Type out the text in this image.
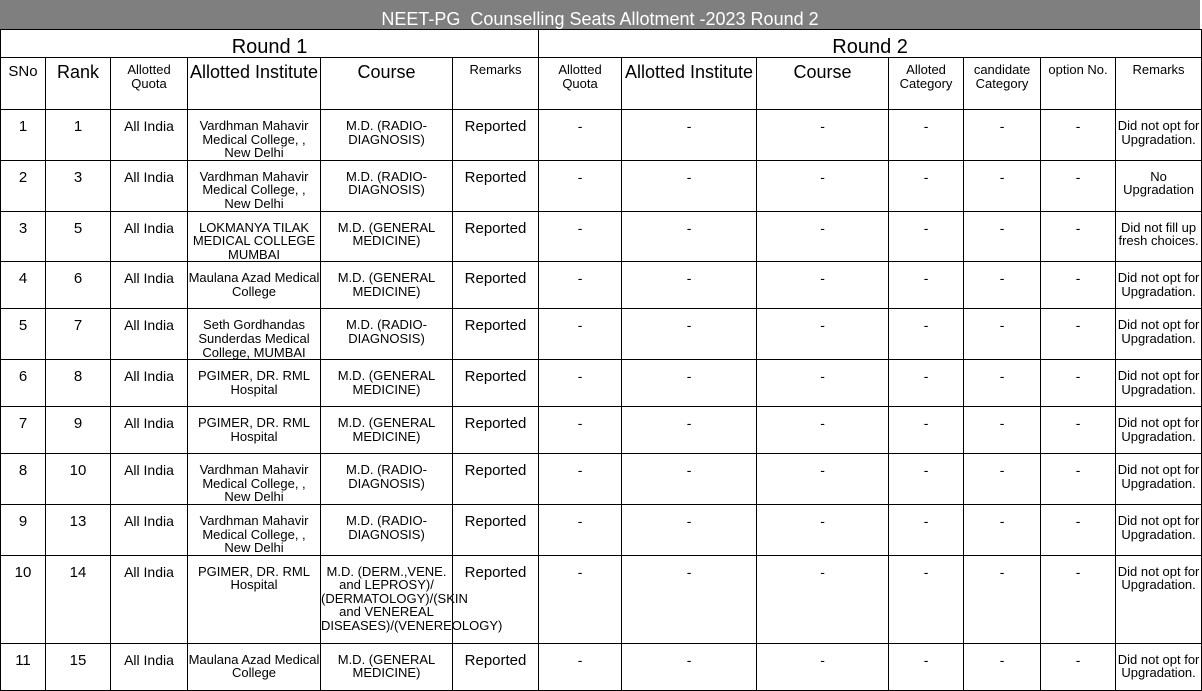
NEET-PG  Counselling Seats Allotment -2023 Round 2
Round 1						Round 2						
SNo	Rank	Allotted Quota	Allotted Institute	Course	Remarks	Allotted Quota	Allotted Institute	Course	Alloted Category	candidate Category	option No.	Remarks
1	1	All India	Vardhman Mahavir Medical College, , New Delhi	M.D. (RADIO-DIAGNOSIS)	Reported	-	-	-	-	-	-	Did not opt for Upgradation.
2	3	All India	Vardhman Mahavir Medical College, , New Delhi	M.D. (RADIO-DIAGNOSIS)	Reported	-	-	-	-	-	-	No Upgradation
3	5	All India	LOKMANYA TILAK MEDICAL COLLEGE MUMBAI	M.D. (GENERAL MEDICINE)	Reported	-	-	-	-	-	-	Did not fill up fresh choices.
4	6	All India	Maulana Azad Medical College	M.D. (GENERAL MEDICINE)	Reported	-	-	-	-	-	-	Did not opt for Upgradation.
5	7	All India	Seth Gordhandas Sunderdas Medical College, MUMBAI	M.D. (RADIO-DIAGNOSIS)	Reported	-	-	-	-	-	-	Did not opt for Upgradation.
6	8	All India	PGIMER, DR. RML Hospital	M.D. (GENERAL MEDICINE)	Reported	-	-	-	-	-	-	Did not opt for Upgradation.
7	9	All India	PGIMER, DR. RML Hospital	M.D. (GENERAL MEDICINE)	Reported	-	-	-	-	-	-	Did not opt for Upgradation.
8	10	All India	Vardhman Mahavir Medical College, , New Delhi	M.D. (RADIO-DIAGNOSIS)	Reported	-	-	-	-	-	-	Did not opt for Upgradation.
9	13	All India	Vardhman Mahavir Medical College, , New Delhi	M.D. (RADIO-DIAGNOSIS)	Reported	-	-	-	-	-	-	Did not opt for Upgradation.
10	14	All India	PGIMER, DR. RML Hospital	M.D. (DERM.,VENE. and LEPROSY)/ (DERMATOLOGY)/(SKIN and VENEREAL DISEASES)/(VENEREOLOGY)	Reported	-	-	-	-	-	-	Did not opt for Upgradation.
11	15	All India	Maulana Azad Medical College	M.D. (GENERAL MEDICINE)	Reported	-	-	-	-	-	-	Did not opt for Upgradation.
